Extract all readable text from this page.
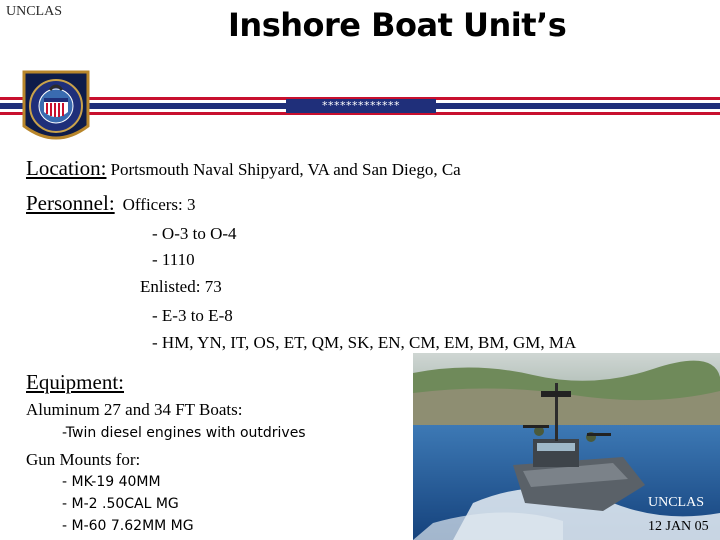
UNCLAS	Inshore Boat Unit’s
*************
Location: Portsmouth Naval Shipyard, VA and San Diego, Ca
Personnel: Officers: 3
- O-3 to O-4
- 1110
Enlisted: 73
- E-3 to E-8
- HM, YN, IT, OS, ET, QM, SK, EN, CM, EM, BM, GM, MA
Equipment:
Aluminum 27 and 34 FT Boats:
-Twin diesel engines with outdrives
Gun Mounts for:
- MK-19 40MM
- M-2 .50CAL MG
- M-60 7.62MM MG
UNCLAS
12 JAN 05
